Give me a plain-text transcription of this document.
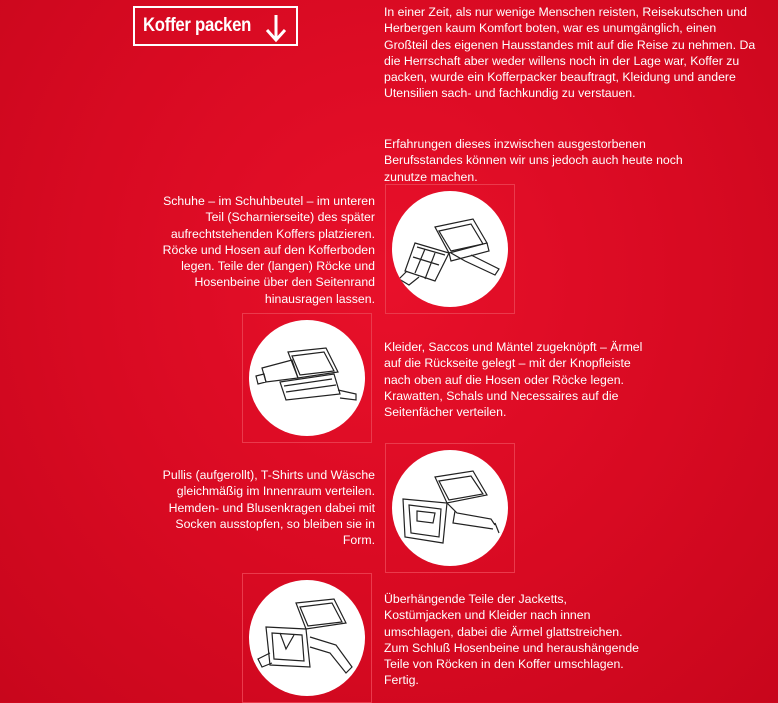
Koffer packen

In einer Zeit, als nur wenige Menschen reisten, Reisekutschen und Herbergen kaum Komfort boten, war es unumgänglich, einen Großteil des eigenen Hausstandes mit auf die Reise zu nehmen. Da die Herrschaft aber weder willens noch in der Lage war, Koffer zu packen, wurde ein Kofferpacker beauftragt, Kleidung und andere Utensilien sach- und fachkundig zu verstauen.

Erfahrungen dieses inzwischen ausgestorbenen Berufsstandes können wir uns jedoch auch heute noch zunutze machen.

Schuhe – im Schuhbeutel – im unteren Teil (Scharnierseite) des später aufrechtstehenden Koffers platzieren. Röcke und Hosen auf den Kofferboden legen. Teile der (langen) Röcke und Hosenbeine über den Seitenrand hinausragen lassen.

Kleider, Saccos und Mäntel zugeknöpft – Ärmel auf die Rückseite gelegt – mit der Knopfleiste nach oben auf die Hosen oder Röcke legen. Krawatten, Schals und Necessaires auf die Seitenfächer verteilen.

Pullis (aufgerollt), T-Shirts und Wäsche gleichmäßig im Innenraum verteilen. Hemden- und Blusenkragen dabei mit Socken ausstopfen, so bleiben sie in Form.

Überhängende Teile der Jacketts, Kostümjacken und Kleider nach innen umschlagen, dabei die Ärmel glattstreichen. Zum Schluß Hosenbeine und heraushängende Teile von Röcken in den Koffer umschlagen. Fertig.
